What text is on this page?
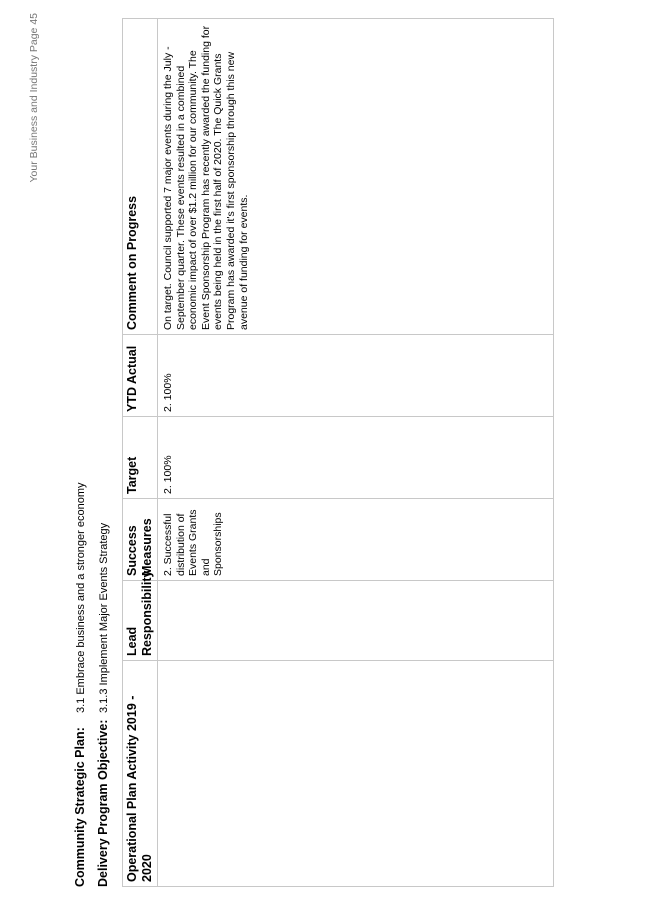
Community Strategic Plan:3.1 Embrace business and a stronger economy
Delivery Program Objective:3.1.3 Implement Major Events Strategy
Operational Plan Activity 2019 - 2020	Lead Responsibility	Success Measures	Target	YTD Actual	Comment on Progress
		2. Successful distribution of Events Grants and Sponsorships	2. 100%	2. 100%	On target. Council supported 7 major events during the July - September quarter. These events resulted in a combined economic impact of over $1.2 million for our community. The Event Sponsorship Program has recently awarded the funding for events being held in the first half of 2020. The Quick Grants Program has awarded it's first sponsorship through this new avenue of funding for events.
Your Business and Industry Page 45
